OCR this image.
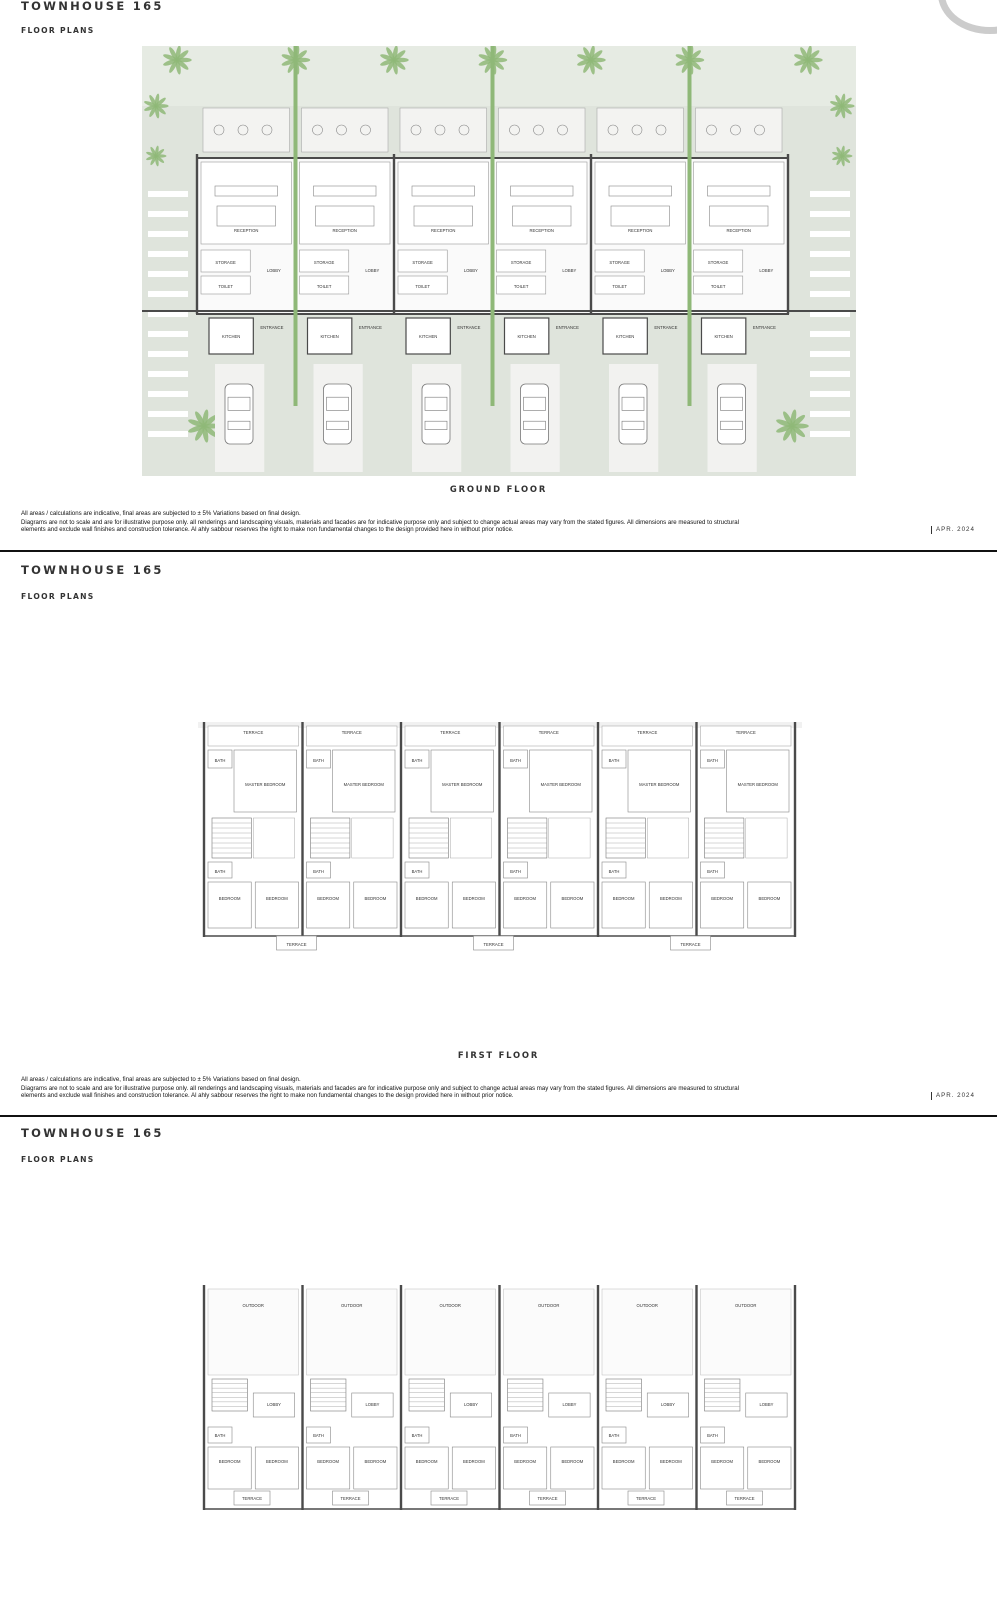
TOWNHOUSE 165
FLOOR PLANS
RECEPTION
STORAGE
LOBBY
TOILET
KITCHEN
ENTRANCE
RECEPTION
STORAGE
LOBBY
TOILET
KITCHEN
ENTRANCE
RECEPTION
STORAGE
LOBBY
TOILET
KITCHEN
ENTRANCE
RECEPTION
STORAGE
LOBBY
TOILET
KITCHEN
ENTRANCE
RECEPTION
STORAGE
LOBBY
TOILET
KITCHEN
ENTRANCE
RECEPTION
STORAGE
LOBBY
TOILET
KITCHEN
ENTRANCE
GROUND FLOOR
All areas / calculations are indicative, final areas are subjected to ± 5% Variations based on final design.
Diagrams are not to scale and are for illustrative purpose only. all renderings and landscaping visuals, materials and facades are for indicative purpose only and subject to change actual areas may vary from the stated figures. All dimensions are measured to structural elements and exclude wall finishes and construction tolerance. Al ahly sabbour reserves the right to make non fundamental changes to the design provided here in without prior notice.	APR. 2024
TOWNHOUSE 165
FLOOR PLANS
TERRACE
BATH
MASTER BEDROOM
BATH
BEDROOM	BEDROOM
TERRACE
BATH
MASTER BEDROOM
BATH
BEDROOM	BEDROOM
TERRACE
BATH
MASTER BEDROOM
BATH
BEDROOM	BEDROOM
TERRACE
BATH
MASTER BEDROOM
BATH
BEDROOM	BEDROOM
TERRACE
BATH
MASTER BEDROOM
BATH
BEDROOM	BEDROOM
TERRACE
BATH
MASTER BEDROOM
BATH
BEDROOM	BEDROOM
TERRACE	TERRACE	TERRACE
FIRST FLOOR
All areas / calculations are indicative, final areas are subjected to ± 5% Variations based on final design.
Diagrams are not to scale and are for illustrative purpose only. all renderings and landscaping visuals, materials and facades are for indicative purpose only and subject to change actual areas may vary from the stated figures. All dimensions are measured to structural elements and exclude wall finishes and construction tolerance. Al ahly sabbour reserves the right to make non fundamental changes to the design provided here in without prior notice.	APR. 2024
TOWNHOUSE 165
FLOOR PLANS
OUTDOOR
LOBBY
BATH
BEDROOM	BEDROOM
TERRACE
OUTDOOR
LOBBY
BATH
BEDROOM	BEDROOM
TERRACE
OUTDOOR
LOBBY
BATH
BEDROOM	BEDROOM
TERRACE
OUTDOOR
LOBBY
BATH
BEDROOM	BEDROOM
TERRACE
OUTDOOR
LOBBY
BATH
BEDROOM	BEDROOM
TERRACE
OUTDOOR
LOBBY
BATH
BEDROOM	BEDROOM
TERRACE
